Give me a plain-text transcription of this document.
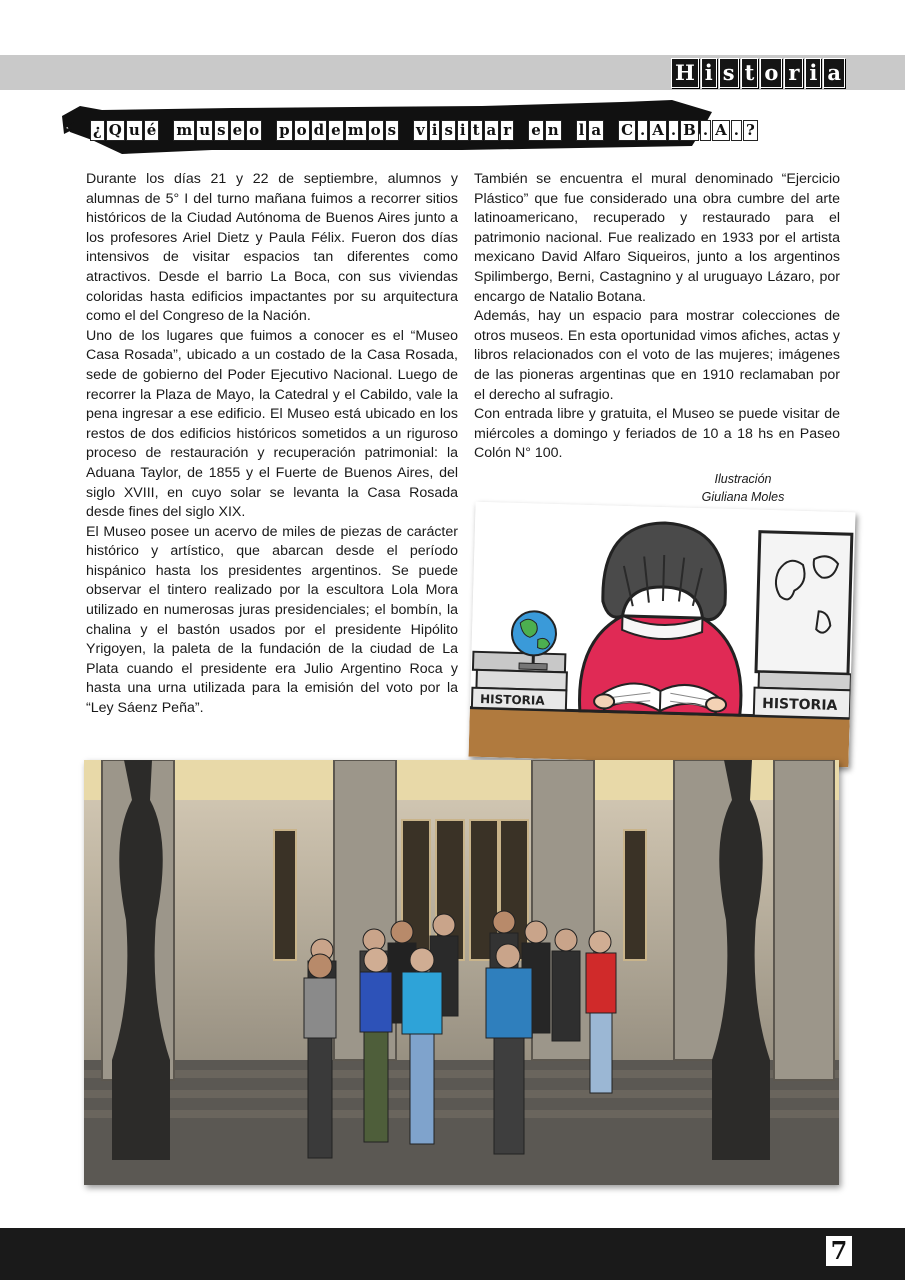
H i s t o r i a
¿ Q u é
m u s e o
p o d e m o s
v i s i t a r
e n
l a
C . A . B . A . ?

Durante los días 21 y 22 de septiembre, alumnos y alumnas de 5° I del turno mañana fuimos a recorrer sitios históricos de la Ciudad Autónoma de Buenos Aires junto a los profesores Ariel Dietz y Paula Félix. Fueron dos días intensivos de visitar espacios tan diferentes como atractivos. Desde el barrio La Boca, con sus viviendas coloridas hasta edificios impactantes por su arquitectura como el del Congreso de la Nación.

Uno de los lugares que fuimos a conocer es el “Museo Casa Rosada”, ubicado a un costado de la Casa Rosada, sede de gobierno del Poder Ejecutivo Nacional. Luego de recorrer la Plaza de Mayo, la Catedral y el Cabildo, vale la pena ingresar a ese edificio. El Museo está ubicado en los restos de dos edificios históricos sometidos a un riguroso proceso de restauración y recuperación patrimonial: la Aduana Taylor, de 1855 y el Fuerte de Buenos Aires, del siglo XVIII, en cuyo solar se levanta la Casa Rosada desde fines del siglo XIX.

El Museo posee un acervo de miles de piezas de carácter histórico y artístico, que abarcan desde el período hispánico hasta los presidentes argentinos. Se puede observar el tintero realizado por la escultora Lola Mora utilizado en numerosas juras presidenciales; el bombín, la chalina y el bastón usados por el presidente Hipólito Yrigoyen, la paleta de la fundación de la ciudad de La Plata cuando el presidente era Julio Argentino Roca y hasta una urna utilizada para la emisión del voto por la “Ley Sáenz Peña”.

También se encuentra el mural denominado “Ejercicio Plástico” que fue considerado una obra cumbre del arte latinoamericano, recuperado y restaurado para el patrimonio nacional. Fue realizado en 1933 por el artista mexicano David Alfaro Siqueiros, junto a los argentinos Spilimbergo, Berni, Castagnino y al uruguayo Lázaro, por encargo de Natalio Botana.

Además, hay un espacio para mostrar colecciones de otros museos. En esta oportunidad vimos afiches, actas y libros relacionados con el voto de las mujeres; imágenes de las pioneras argentinas que en 1910 reclamaban por el derecho al sufragio.

Con entrada libre y gratuita, el Museo se puede visitar de miércoles a domingo y feriados de 10 a 18 hs en Paseo Colón N° 100.

Ilustración
Giuliana Moles
HISTORIA	HISTORIA
7
